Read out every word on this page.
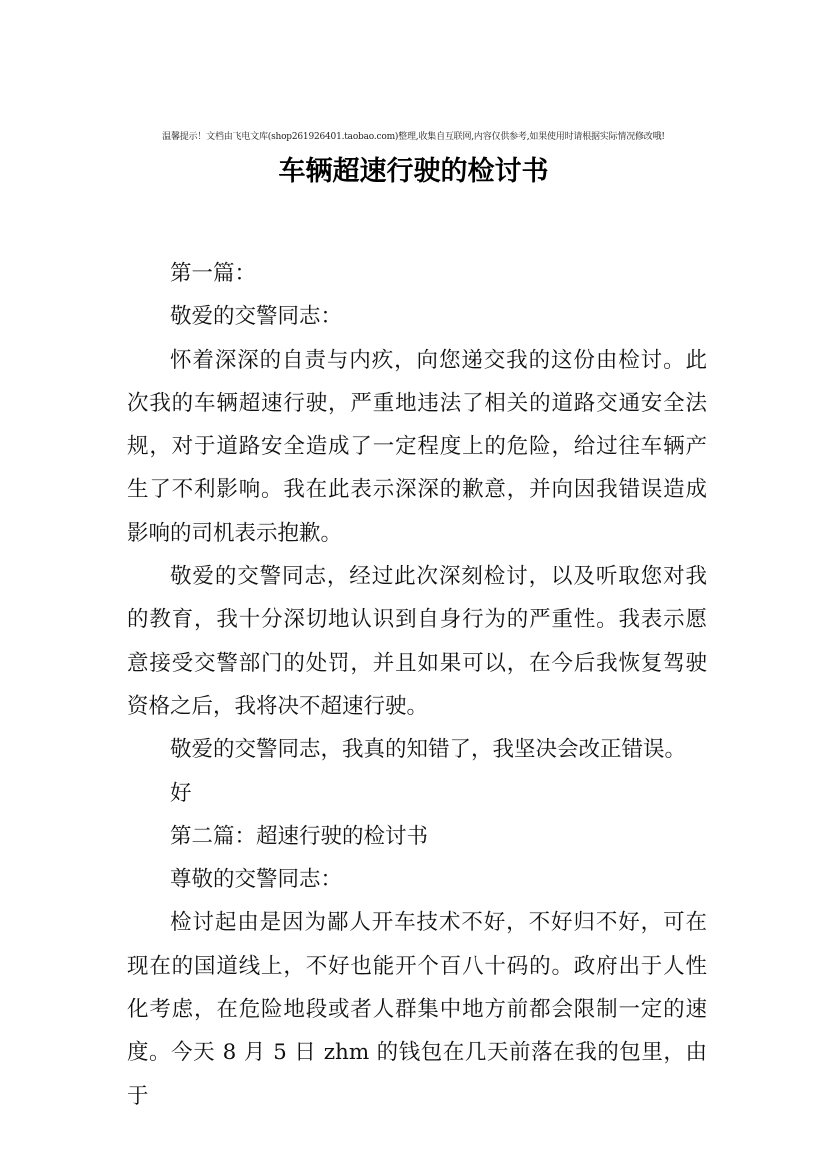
温馨提示！文档由飞电文库(shop261926401.taobao.com)整理,收集自互联网,内容仅供参考,如果使用时请根据实际情况修改哦!
车辆超速行驶的检讨书

第一篇：

敬爱的交警同志：

怀着深深的自责与内疚，向您递交我的这份由检讨。此次我的车辆超速行驶，严重地违法了相关的道路交通安全法规，对于道路安全造成了一定程度上的危险，给过往车辆产生了不利影响。我在此表示深深的歉意，并向因我错误造成影响的司机表示抱歉。

敬爱的交警同志，经过此次深刻检讨，以及听取您对我的教育，我十分深切地认识到自身行为的严重性。我表示愿意接受交警部门的处罚，并且如果可以，在今后我恢复驾驶资格之后，我将决不超速行驶。

敬爱的交警同志，我真的知错了，我坚决会改正错误。

好

第二篇：超速行驶的检讨书

尊敬的交警同志：

检讨起由是因为鄙人开车技术不好，不好归不好，可在现在的国道线上，不好也能开个百八十码的。政府出于人性化考虑，在危险地段或者人群集中地方前都会限制一定的速度。今天 8 月 5 日 zhm 的钱包在几天前落在我的包里，由于
